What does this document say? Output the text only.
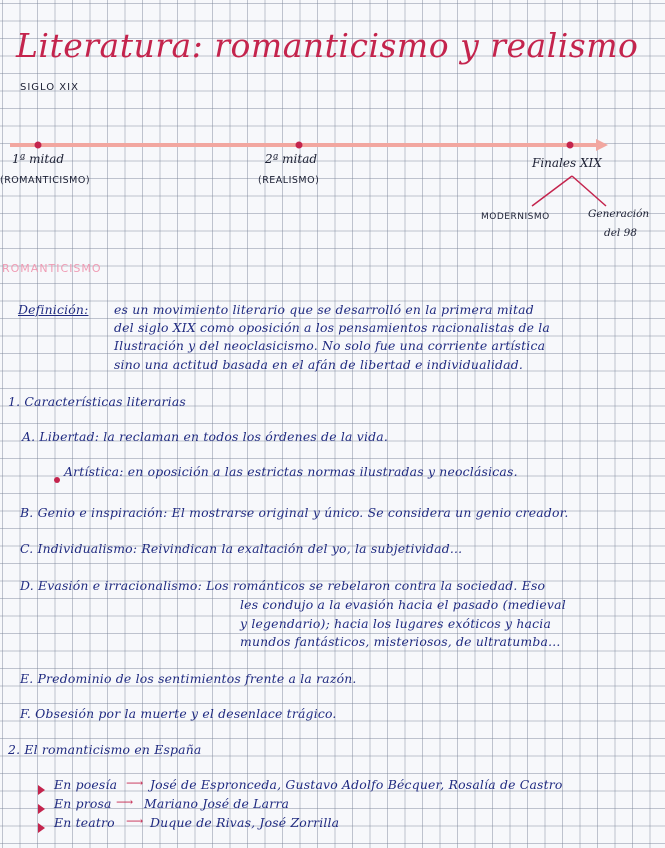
Literatura: romanticismo y realismo
SIGLO XIX
1ª mitad
(ROMANTICISMO)
2ª mitad
(REALISMO)
Finales XIX
MODERNISMO	Generación
del 98
ROMANTICISMO
Definición: es un movimiento literario que se desarrolló en la primera mitad
del siglo XIX como oposición a los pensamientos racionalistas de la
Ilustración y del neoclasicismo. No solo fue una corriente artística
sino una actitud basada en el afán de libertad e individualidad.
1. Características literarias
A. Libertad: la reclaman en todos los órdenes de la vida.
Artística: en oposición a las estrictas normas ilustradas y neoclásicas.
B. Genio e inspiración: El mostrarse original y único. Se considera un genio creador.
C. Individualismo: Reivindican la exaltación del yo, la subjetividad...
D. Evasión e irracionalismo: Los románticos se rebelaron contra la sociedad. Eso
les condujo a la evasión hacia el pasado (medieval
y legendario); hacia los lugares exóticos y hacia
mundos fantásticos, misteriosos, de ultratumba...
E. Predominio de los sentimientos frente a la razón.
F. Obsesión por la muerte y el desenlace trágico.
2. El romanticismo en España
En poesía ⟶ José de Espronceda, Gustavo Adolfo Bécquer, Rosalía de Castro
En prosa ⟶ Mariano José de Larra
En teatro ⟶ Duque de Rivas, José Zorrilla
